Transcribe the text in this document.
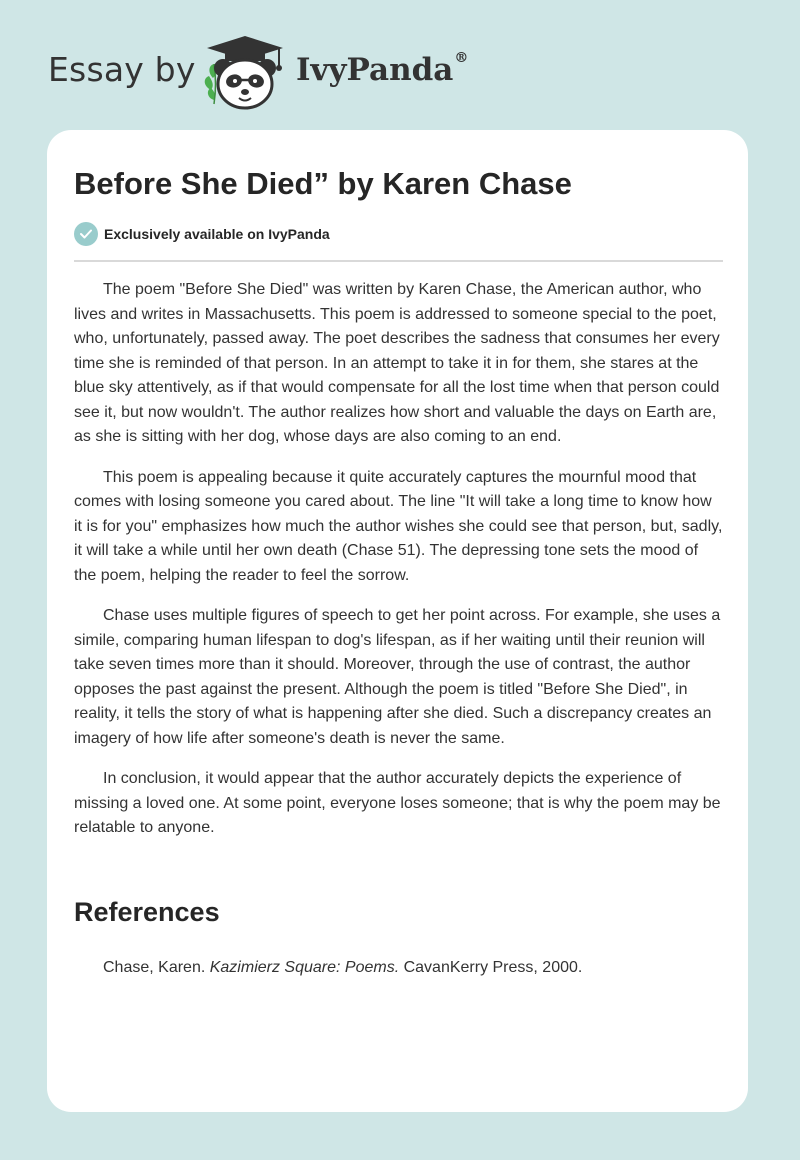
Essay by	IvyPanda®
Before She Died” by Karen Chase
Exclusively available on IvyPanda

The poem "Before She Died" was written by Karen Chase, the American author, who lives and writes in Massachusetts. This poem is addressed to someone special to the poet, who, unfortunately, passed away. The poet describes the sadness that consumes her every time she is reminded of that person. In an attempt to take it in for them, she stares at the blue sky attentively, as if that would compensate for all the lost time when that person could see it, but now wouldn't. The author realizes how short and valuable the days on Earth are, as she is sitting with her dog, whose days are also coming to an end.

This poem is appealing because it quite accurately captures the mournful mood that comes with losing someone you cared about. The line "It will take a long time to know how it is for you" emphasizes how much the author wishes she could see that person, but, sadly, it will take a while until her own death (Chase 51). The depressing tone sets the mood of the poem, helping the reader to feel the sorrow.

Chase uses multiple figures of speech to get her point across. For example, she uses a simile, comparing human lifespan to dog's lifespan, as if her waiting until their reunion will take seven times more than it should. Moreover, through the use of contrast, the author opposes the past against the present. Although the poem is titled "Before She Died", in reality, it tells the story of what is happening after she died. Such a discrepancy creates an imagery of how life after someone's death is never the same.

In conclusion, it would appear that the author accurately depicts the experience of missing a loved one. At some point, everyone loses someone; that is why the poem may be relatable to anyone.

References
Chase, Karen. Kazimierz Square: Poems. CavanKerry Press, 2000.
